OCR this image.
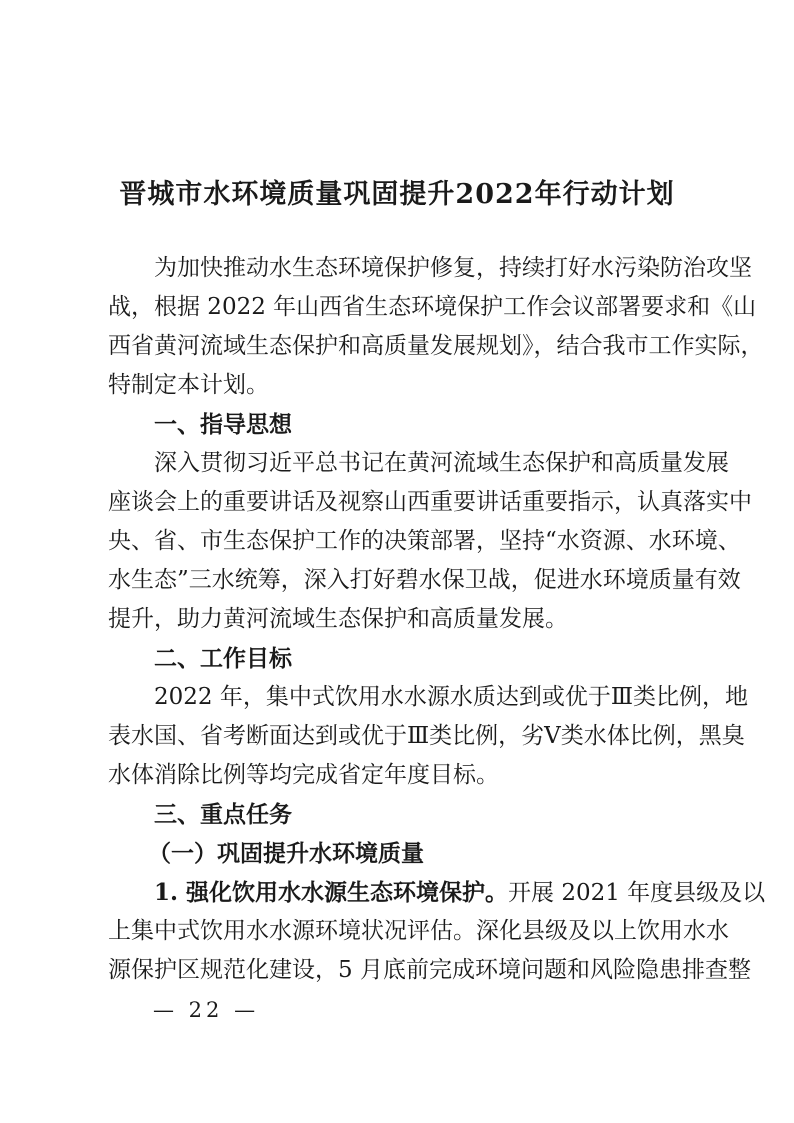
晋城市水环境质量巩固提升2022年行动计划
为加快推动水生态环境保护修复，持续打好水污染防治攻坚
战，根据 2022 年山西省生态环境保护工作会议部署要求和《山
西省黄河流域生态保护和高质量发展规划》，结合我市工作实际，
特制定本计划。
一、指导思想
深入贯彻习近平总书记在黄河流域生态保护和高质量发展
座谈会上的重要讲话及视察山西重要讲话重要指示，认真落实中
央、省、市生态保护工作的决策部署，坚持“水资源、水环境、
水生态”三水统筹，深入打好碧水保卫战，促进水环境质量有效
提升，助力黄河流域生态保护和高质量发展。
二、工作目标
2022 年，集中式饮用水水源水质达到或优于Ⅲ类比例，地
表水国、省考断面达到或优于Ⅲ类比例，劣Ⅴ类水体比例，黑臭
水体消除比例等均完成省定年度目标。
三、重点任务
（一）巩固提升水环境质量
1. 强化饮用水水源生态环境保护。开展 2021 年度县级及以
上集中式饮用水水源环境状况评估。深化县级及以上饮用水水
源保护区规范化建设，5 月底前完成环境问题和风险隐患排查整
— 22 —
